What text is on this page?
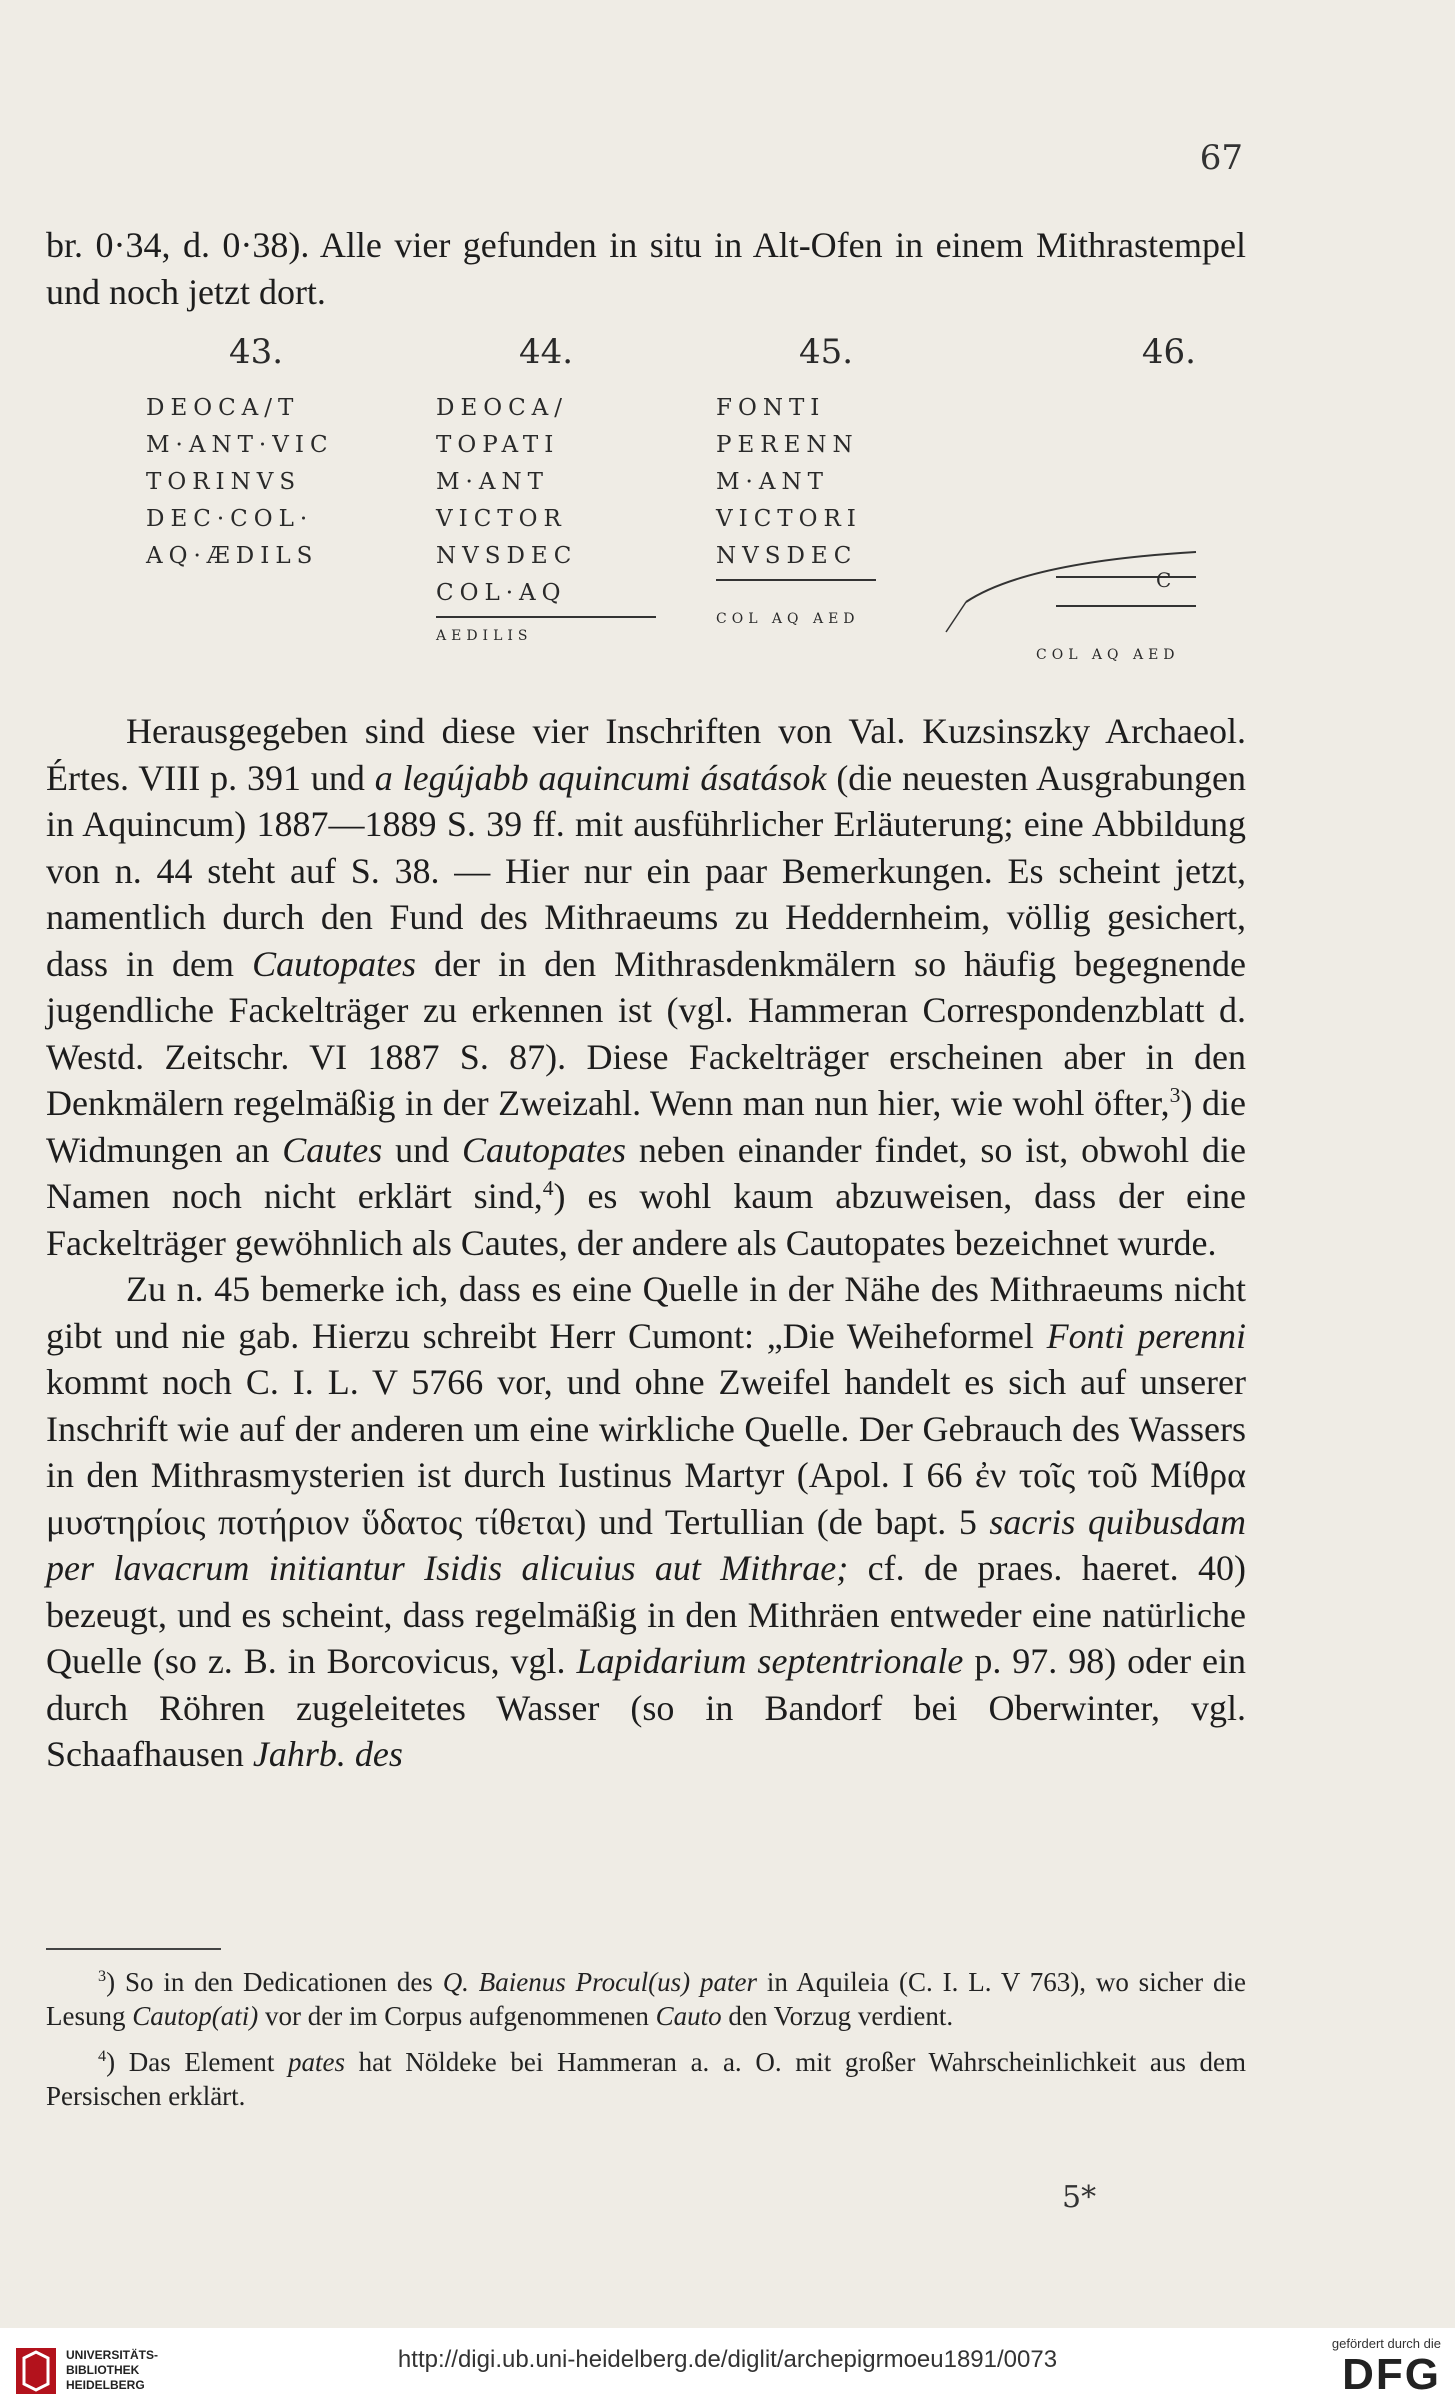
67
br. 0·34, d. 0·38). Alle vier gefunden in situ in Alt-Ofen in einem Mithrastempel und noch jetzt dort.
43.
DEOCA/T
M·ANT·VIC
TORINVS
DEC·COL·
AQ·ÆDILS
44.
DEOCA/
TOPATI
M·ANT
VICTOR
NVSDEC
COL·AQ
AEDILIS
45.
FONTI
PERENN
M·ANT
VICTORI
NVSDEC
COL AQ AED
46.
C
COL AQ AED

Herausgegeben sind diese vier Inschriften von Val. Kuzsinszky Archaeol. Értes. VIII p. 391 und a legújabb aquincumi ásatások (die neuesten Ausgrabungen in Aquincum) 1887—1889 S. 39 ff. mit ausführlicher Erläuterung; eine Abbildung von n. 44 steht auf S. 38. — Hier nur ein paar Bemerkungen. Es scheint jetzt, namentlich durch den Fund des Mithraeums zu Heddernheim, völlig gesichert, dass in dem Cautopates der in den Mithrasdenkmälern so häufig begegnende jugendliche Fackelträger zu erkennen ist (vgl. Hammeran Correspondenzblatt d. Westd. Zeitschr. VI 1887 S. 87). Diese Fackelträger erscheinen aber in den Denkmälern regelmäßig in der Zweizahl. Wenn man nun hier, wie wohl öfter,$^3$) die Widmungen an Cautes und Cautopates neben einander findet, so ist, obwohl die Namen noch nicht erklärt sind,$^4$) es wohl kaum abzuweisen, dass der eine Fackelträger gewöhnlich als Cautes, der andere als Cautopates bezeichnet wurde.

Zu n. 45 bemerke ich, dass es eine Quelle in der Nähe des Mithraeums nicht gibt und nie gab. Hierzu schreibt Herr Cumont: „Die Weiheformel Fonti perenni kommt noch C. I. L. V 5766 vor, und ohne Zweifel handelt es sich auf unserer Inschrift wie auf der anderen um eine wirkliche Quelle. Der Gebrauch des Wassers in den Mithrasmysterien ist durch Iustinus Martyr (Apol. I 66 ἐν τοῖς τοῦ Μίθρα μυστηρίοις ποτήριον ὕδατος τίθεται) und Tertullian (de bapt. 5 sacris quibusdam per lavacrum initiantur Isidis alicuius aut Mithrae; cf. de praes. haeret. 40) bezeugt, und es scheint, dass regelmäßig in den Mithräen entweder eine natürliche Quelle (so z. B. in Borcovicus, vgl. Lapidarium septentrionale p. 97. 98) oder ein durch Röhren zugeleitetes Wasser (so in Bandorf bei Oberwinter, vgl. Schaafhausen Jahrb. des

$^3$) So in den Dedicationen des Q. Baienus Procul(us) pater in Aquileia (C. I. L. V 763), wo sicher die Lesung Cautop(ati) vor der im Corpus aufgenommenen Cauto den Vorzug verdient.

$^4$) Das Element pates hat Nöldeke bei Hammeran a. a. O. mit großer Wahrscheinlichkeit aus dem Persischen erklärt.

5*
UNIVERSITÄTS-
BIBLIOTHEK
HEIDELBERG
http://digi.ub.uni-heidelberg.de/diglit/archepigrmoeu1891/0073
gefördert durch die
DFG
